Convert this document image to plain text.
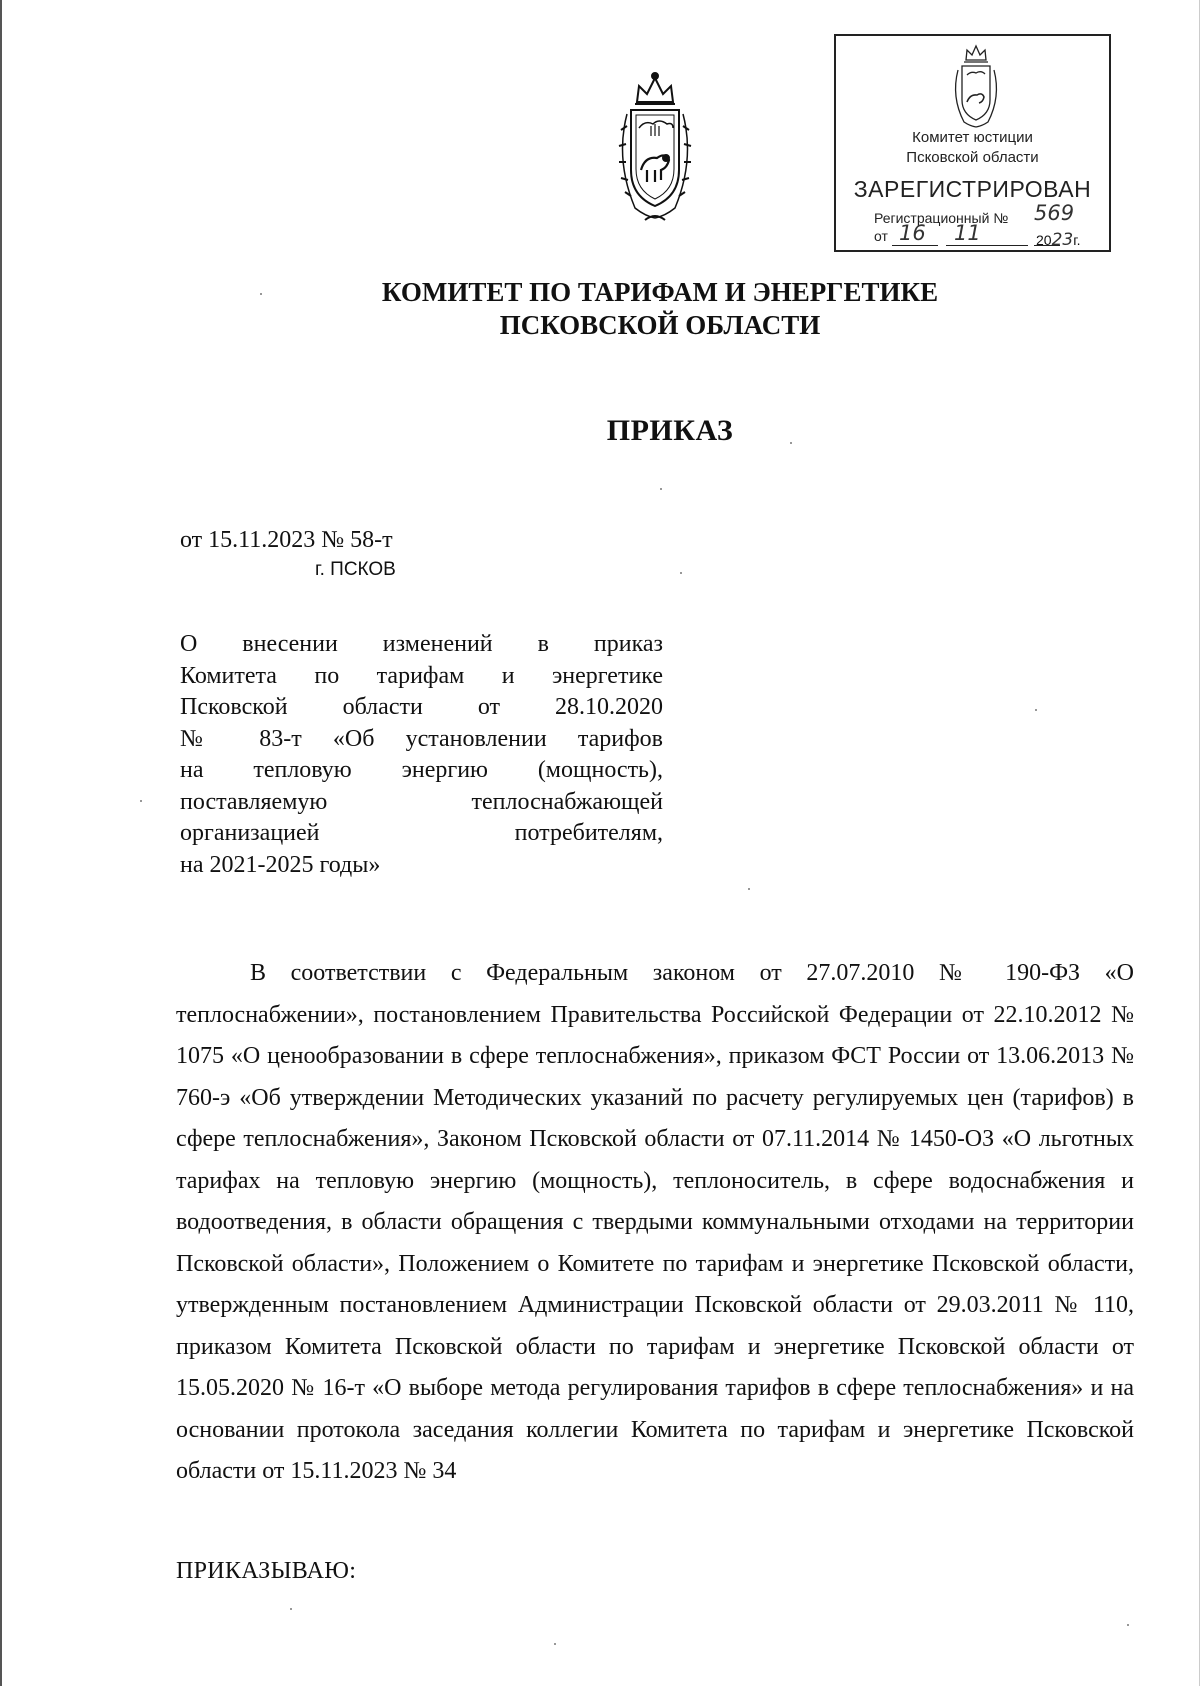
Комитет юстиции
Псковской области
ЗАРЕГИСТРИРОВАН
Регистрационный № 569
от 16 11	2023г.
КОМИТЕТ ПО ТАРИФАМ И ЭНЕРГЕТИКЕ
ПСКОВСКОЙ ОБЛАСТИ
ПРИКАЗ
от 15.11.2023 № 58-т
г. ПСКОВ
О внесении изменений в приказ
Комитета по тарифам и энергетике
Псковской области от 28.10.2020
№ 83-т «Об установлении тарифов
на тепловую энергию (мощность),
поставляемую теплоснабжающей
организацией потребителям,
на 2021-2025 годы»
В соответствии с Федеральным законом от 27.07.2010 № 190-ФЗ «О теплоснабжении», постановлением Правительства Российской Федерации от 22.10.2012 № 1075 «О ценообразовании в сфере теплоснабжения», приказом ФСТ России от 13.06.2013 № 760-э «Об утверждении Методических указаний по расчету регулируемых цен (тарифов) в сфере теплоснабжения», Законом Псковской области от 07.11.2014 № 1450-ОЗ «О льготных тарифах на тепловую энергию (мощность), теплоноситель, в сфере водоснабжения и водоотведения, в области обращения с твердыми коммунальными отходами на территории Псковской области», Положением о Комитете по тарифам и энергетике Псковской области, утвержденным постановлением Администрации Псковской области от 29.03.2011 № 110, приказом Комитета Псковской области по тарифам и энергетике Псковской области от 15.05.2020 № 16-т «О выборе метода регулирования тарифов в сфере теплоснабжения» и на основании протокола заседания коллегии Комитета по тарифам и энергетике Псковской области от 15.11.2023 № 34
ПРИКАЗЫВАЮ:
